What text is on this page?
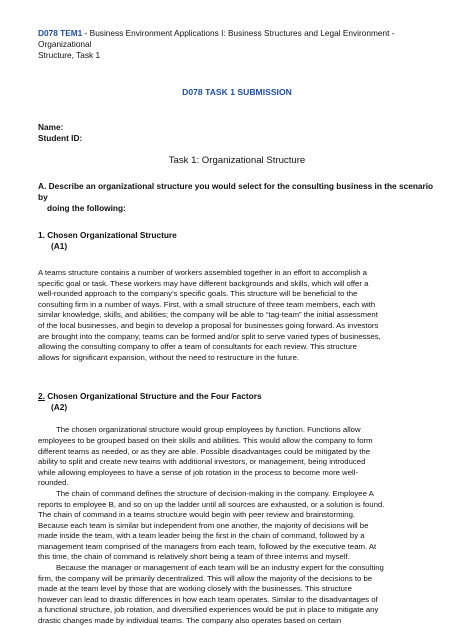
D078 TEM1 - Business Environment Applications I: Business Structures and Legal Environment - Organizational

Structure, Task 1

D078 TASK 1 SUBMISSION

Name:
Student ID:

Task 1: Organizational Structure

A. Describe an organizational structure you would select for the consulting business in the scenario by

doing the following:

1. Chosen Organizational Structure

(A1)

A teams structure contains a number of workers assembled together in an effort to accomplish a

specific goal or task. These workers may have different backgrounds and skills, which will offer a

well-rounded approach to the company’s specific goals. This structure will be beneficial to the

consulting firm in a number of ways. First, with a small structure of three team members, each with

similar knowledge, skills, and abilities; the company will be able to “tag-team” the initial assessment

of the local businesses, and begin to develop a proposal for businesses going forward. As investors

are brought into the company, teams can be formed and/or split to serve varied types of businesses,

allowing the consulting company to offer a team of consultants for each review. This structure

allows for significant expansion, without the need to restructure in the future.

2. Chosen Organizational Structure and the Four Factors

(A2)

The chosen organizational structure would group employees by function. Functions allow

employees to be grouped based on their skills and abilities. This would allow the company to form

different teams as needed, or as they are able. Possible disadvantages could be mitigated by the

ability to split and create new teams with additional investors, or management, being introduced

while allowing employees to have a sense of job rotation in the process to become more well-

rounded.

The chain of command defines the structure of decision-making in the company. Employee A

reports to employee B, and so on up the ladder until all sources are exhausted, or a solution is found.

The chain of command in a teams structure would begin with peer review and brainstorming.

Because each team is similar but independent from one another, the majority of decisions will be

made inside the team, with a team leader being the first in the chain of command, followed by a

management team comprised of the managers from each team, followed by the executive team. At

this time, the chain of command is relatively short being a team of three interns and myself.

Because the manager or management of each team will be an industry expert for the consulting

firm, the company will be primarily decentralized. This will allow the majority of the decisions to be

made at the team level by those that are working closely with the businesses. This structure

however can lead to drastic differences in how each team operates. Similar to the disadvantages of

a functional structure, job rotation, and diversified experiences would be put in place to mitigate any

drastic changes made by individual teams. The company also operates based on certain
